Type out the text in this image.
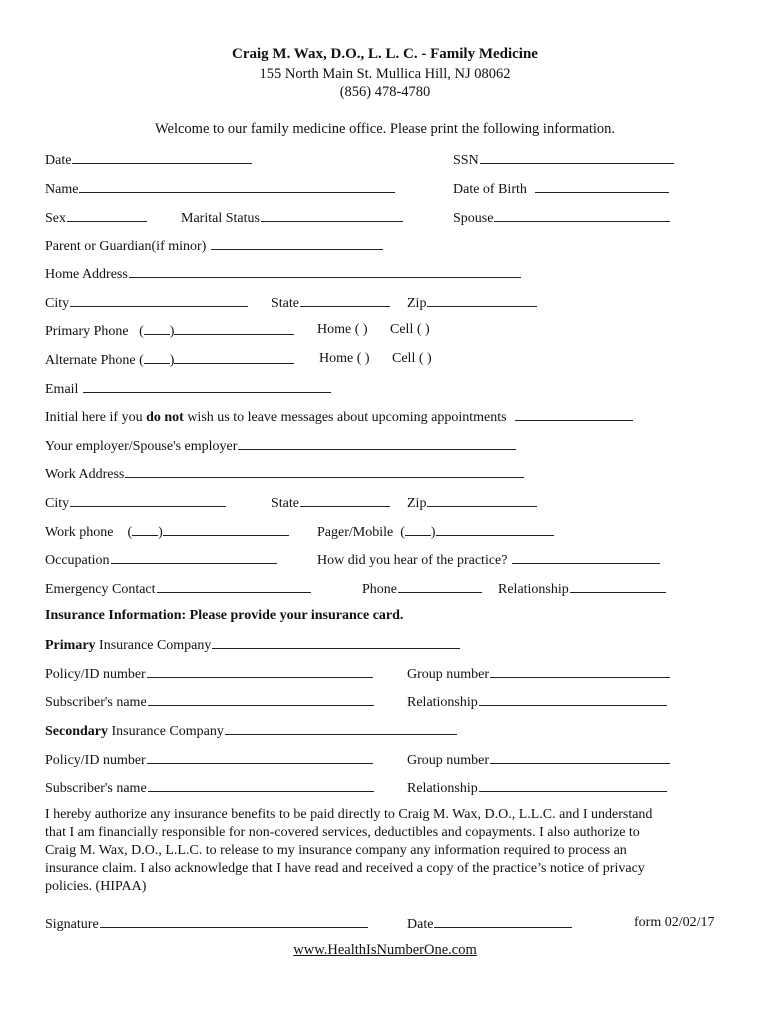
Craig M. Wax, D.O., L. L. C. - Family Medicine
155 North Main St. Mullica Hill, NJ 08062
(856) 478-4780
Welcome to our family medicine office. Please print the following information.
Date	SSN
Name	Date of Birth
Sex	Marital Status	Spouse
Parent or Guardian(if minor)
Home Address
City	State	Zip
Primary Phone ( )	Home ( ) Cell ( )
Alternate Phone ( )	Home ( ) Cell ( )
Email
Initial here if you do not wish us to leave messages about upcoming appointments
Your employer/Spouse's employer
Work Address
City	State	Zip
Work phone ( )	Pager/Mobile ( )
Occupation	How did you hear of the practice?
Emergency Contact	Phone	Relationship
Insurance Information: Please provide your insurance card.
Primary Insurance Company
Policy/ID number	Group number
Subscriber's name	Relationship
Secondary Insurance Company
Policy/ID number	Group number
Subscriber's name	Relationship
I hereby authorize any insurance benefits to be paid directly to Craig M. Wax, D.O., L.L.C. and I understand
that I am financially responsible for non-covered services, deductibles and copayments. I also authorize to
Craig M. Wax, D.O., L.L.C. to release to my insurance company any information required to process an
insurance claim. I also acknowledge that I have read and received a copy of the practice’s notice of privacy
policies. (HIPAA)
Signature	Date	form 02/02/17
www.HealthIsNumberOne.com
